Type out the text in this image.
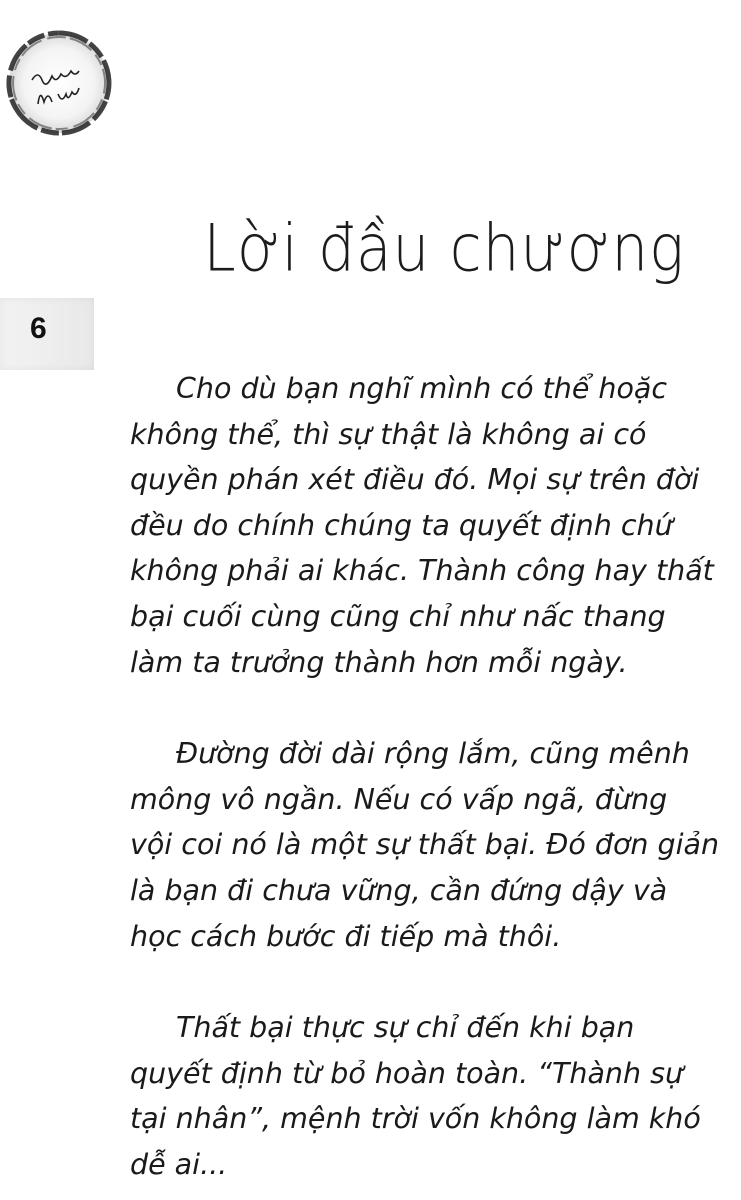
6
Lời đầu chương

Cho dù bạn nghĩ mình có thể hoặc
không thể, thì sự thật là không ai có
quyền phán xét điều đó. Mọi sự trên đời
đều do chính chúng ta quyết định chứ
không phải ai khác. Thành công hay thất
bại cuối cùng cũng chỉ như nấc thang
làm ta trưởng thành hơn mỗi ngày.

Đường đời dài rộng lắm, cũng mênh
mông vô ngần. Nếu có vấp ngã, đừng
vội coi nó là một sự thất bại. Đó đơn giản
là bạn đi chưa vững, cần đứng dậy và
học cách bước đi tiếp mà thôi.

Thất bại thực sự chỉ đến khi bạn
quyết định từ bỏ hoàn toàn. “Thành sự
tại nhân”, mệnh trời vốn không làm khó
dễ ai...
